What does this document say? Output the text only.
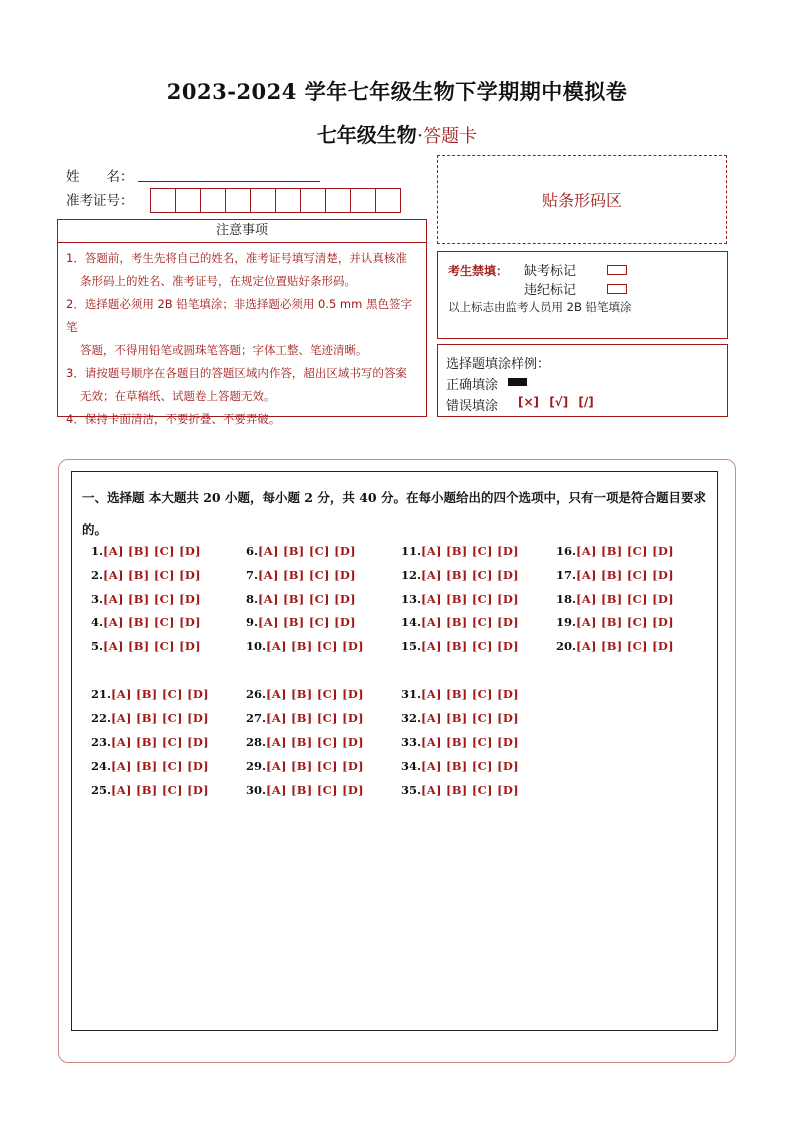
2023-2024 学年七年级生物下学期期中模拟卷
七年级生物·答题卡
姓　　名：
准考证号：	贴条形码区
注意事项
1．答题前，考生先将自己的姓名，准考证号填写清楚，并认真核准
条形码上的姓名、准考证号，在规定位置贴好条形码。
2．选择题必须用 2B 铅笔填涂；非选择题必须用 0.5 mm 黑色签字笔
答题，不得用铅笔或圆珠笔答题；字体工整、笔迹清晰。
3．请按题号顺序在各题目的答题区域内作答，超出区域书写的答案
无效；在草稿纸、试题卷上答题无效。
4．保持卡面清洁，不要折叠、不要弄破。
考生禁填： 缺考标记
违纪标记
以上标志由监考人员用 2B 铅笔填涂
选择题填涂样例：
正确填涂
错误填涂 [×] [√] [/]
一、选择题 本大题共 20 小题，每小题 2 分，共 40 分。在每小题给出的四个选项中，只有一项是符合题目要求的。
1.[A] [B] [C] [D]
2.[A] [B] [C] [D]
3.[A] [B] [C] [D]
4.[A] [B] [C] [D]
5.[A] [B] [C] [D]
6.[A] [B] [C] [D]
7.[A] [B] [C] [D]
8.[A] [B] [C] [D]
9.[A] [B] [C] [D]
10.[A] [B] [C] [D]
11.[A] [B] [C] [D]
12.[A] [B] [C] [D]
13.[A] [B] [C] [D]
14.[A] [B] [C] [D]
15.[A] [B] [C] [D]
16.[A] [B] [C] [D]
17.[A] [B] [C] [D]
18.[A] [B] [C] [D]
19.[A] [B] [C] [D]
20.[A] [B] [C] [D]
21.[A] [B] [C] [D]
22.[A] [B] [C] [D]
23.[A] [B] [C] [D]
24.[A] [B] [C] [D]
25.[A] [B] [C] [D]
26.[A] [B] [C] [D]
27.[A] [B] [C] [D]
28.[A] [B] [C] [D]
29.[A] [B] [C] [D]
30.[A] [B] [C] [D]
31.[A] [B] [C] [D]
32.[A] [B] [C] [D]
33.[A] [B] [C] [D]
34.[A] [B] [C] [D]
35.[A] [B] [C] [D]
